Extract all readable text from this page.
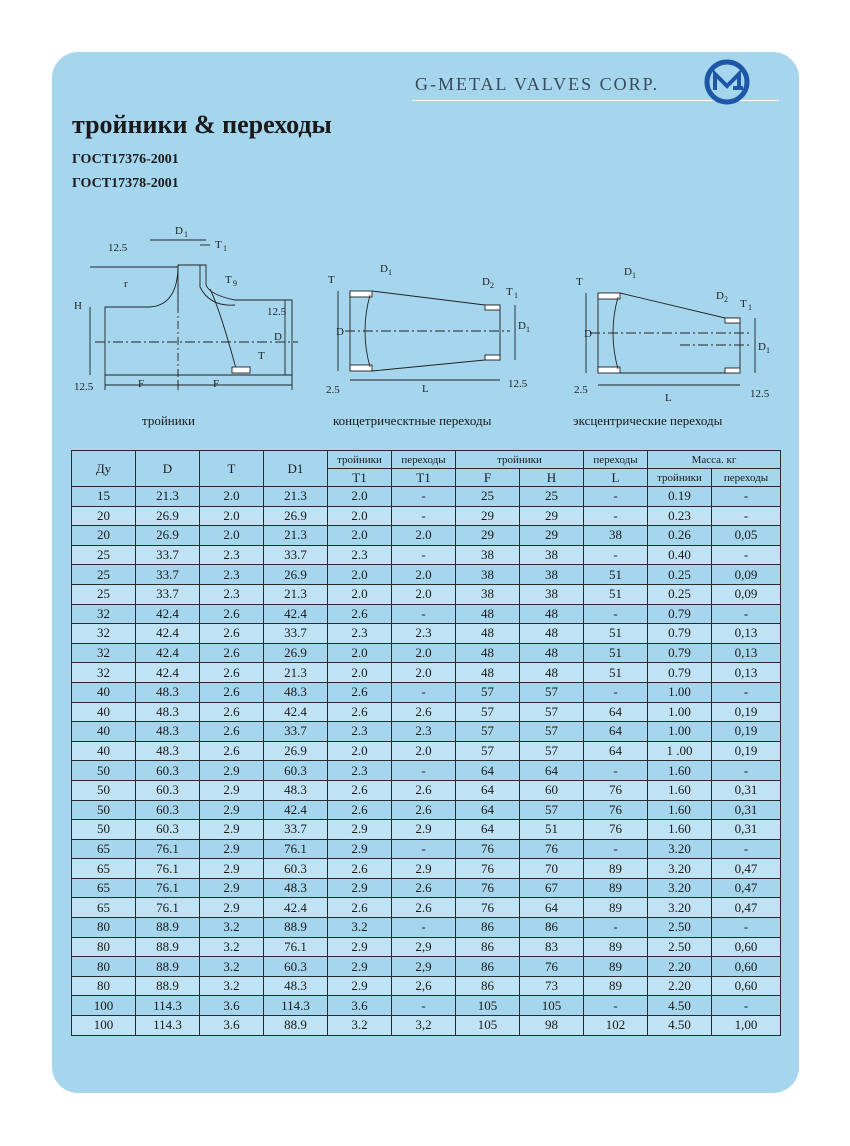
G-METAL VALVES CORP.
тройники & переходы
ГОСТ17376-2001
ГОСТ17378-2001
D 1
T 1
12.5
r	T 9
H
D
T
12.5
F	F
12.5
T
D 1
D 2
T 1
D	D 1
L
2.5	12.5
T
D 1
D 2 T 1
D
D 1
L
2.5	12.5
тройники	концетрическтные переходы	эксцентрические переходы
Ду	D	T	D1	тройники	переходы	тройники		переходы	Масса. кг	
				T1	T1	F	H	L	тройники	переходы
15	21.3	2.0	21.3	2.0	-	25	25	-	0.19	-
20	26.9	2.0	26.9	2.0	-	29	29	-	0.23	-
20	26.9	2.0	21.3	2.0	2.0	29	29	38	0.26	0,05
25	33.7	2.3	33.7	2.3	-	38	38	-	0.40	-
25	33.7	2.3	26.9	2.0	2.0	38	38	51	0.25	0,09
25	33.7	2.3	21.3	2.0	2.0	38	38	51	0.25	0,09
32	42.4	2.6	42.4	2.6	-	48	48	-	0.79	-
32	42.4	2.6	33.7	2.3	2.3	48	48	51	0.79	0,13
32	42.4	2.6	26.9	2.0	2.0	48	48	51	0.79	0,13
32	42.4	2.6	21.3	2.0	2.0	48	48	51	0.79	0,13
40	48.3	2.6	48.3	2.6	-	57	57	-	1.00	-
40	48.3	2.6	42.4	2.6	2.6	57	57	64	1.00	0,19
40	48.3	2.6	33.7	2.3	2.3	57	57	64	1.00	0,19
40	48.3	2.6	26.9	2.0	2.0	57	57	64	1 .00	0,19
50	60.3	2.9	60.3	2.3	-	64	64	-	1.60	-
50	60.3	2.9	48.3	2.6	2.6	64	60	76	1.60	0,31
50	60.3	2.9	42.4	2.6	2.6	64	57	76	1.60	0,31
50	60.3	2.9	33.7	2.9	2.9	64	51	76	1.60	0,31
65	76.1	2.9	76.1	2.9	-	76	76	-	3.20	-
65	76.1	2.9	60.3	2.6	2.9	76	70	89	3.20	0,47
65	76.1	2.9	48.3	2.9	2.6	76	67	89	3.20	0,47
65	76.1	2.9	42.4	2.6	2.6	76	64	89	3.20	0,47
80	88.9	3.2	88.9	3.2	-	86	86	-	2.50	-
80	88.9	3.2	76.1	2.9	2,9	86	83	89	2.50	0,60
80	88.9	3.2	60.3	2.9	2,9	86	76	89	2.20	0,60
80	88.9	3.2	48.3	2.9	2,6	86	73	89	2.20	0,60
100	114.3	3.6	114.3	3.6	-	105	105	-	4.50	-
100	114.3	3.6	88.9	3.2	3,2	105	98	102	4.50	1,00
